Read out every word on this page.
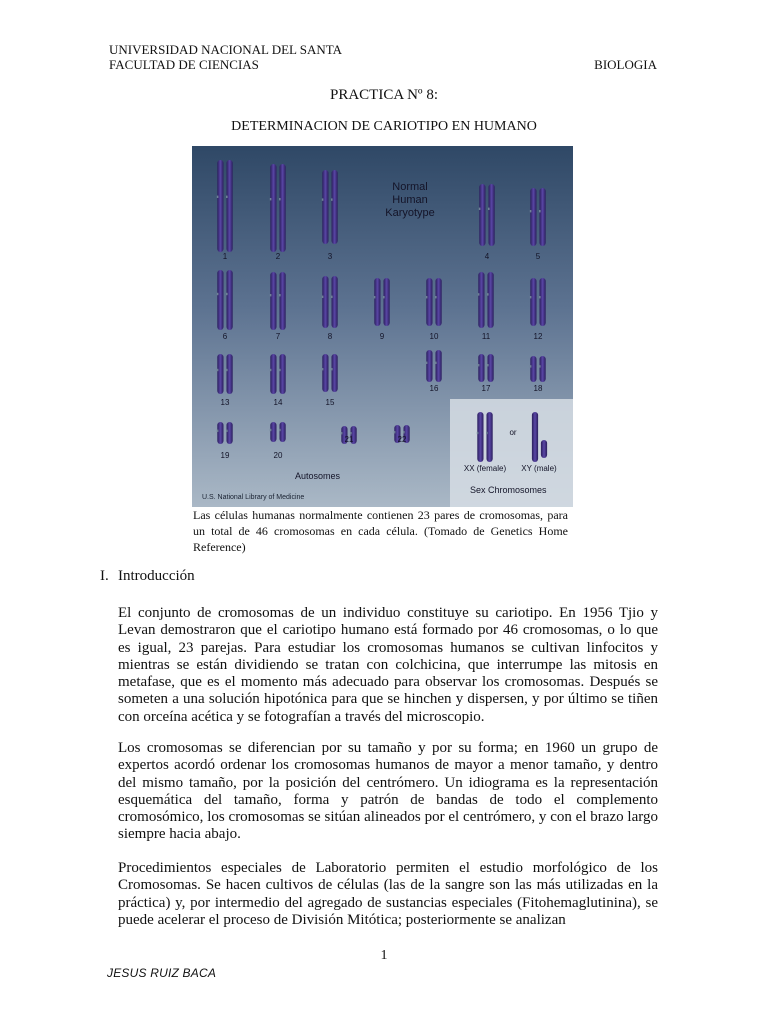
UNIVERSIDAD NACIONAL DEL SANTA
FACULTAD DE CIENCIAS	BIOLOGIA
PRACTICA Nº 8:
DETERMINACION DE CARIOTIPO EN HUMANO
Normal
Human
Karyotype
1	2	3	4	5
6	7	8	9	10	11	12
13	14	15
16	17	18
19	20
21	22
Autosomes
U.S. National Library of Medicine
or
XX (female) XY (male)
Sex Chromosomes
Las células humanas normalmente contienen 23 pares de cromosomas, para un total de 46 cromosomas en cada célula. (Tomado de Genetics Home Reference)
I. Introducción
El conjunto de cromosomas de un individuo constituye su cariotipo. En 1956 Tjio y Levan demostraron que el cariotipo humano está formado por 46 cromosomas, o lo que es igual, 23 parejas. Para estudiar los cromosomas humanos se cultivan linfocitos y mientras se están dividiendo se tratan con colchicina, que interrumpe las mitosis en metafase, que es el momento más adecuado para observar los cromosomas. Después se someten a una solución hipotónica para que se hinchen y dispersen, y por último se tiñen con orceína acética y se fotografían a través del microscopio.
Los cromosomas se diferencian por su tamaño y por su forma; en 1960 un grupo de expertos acordó ordenar los cromosomas humanos de mayor a menor tamaño, y dentro del mismo tamaño, por la posición del centrómero. Un idiograma es la representación esquemática del tamaño, forma y patrón de bandas de todo el complemento cromosómico, los cromosomas se sitúan alineados por el centrómero, y con el brazo largo siempre hacia abajo.
Procedimientos especiales de Laboratorio permiten el estudio morfológico de los Cromosomas. Se hacen cultivos de células (las de la sangre son las más utilizadas en la práctica) y, por intermedio del agregado de sustancias especiales (Fitohemaglutinina), se puede acelerar el proceso de División Mitótica; posteriormente se analizan
1
JESUS RUIZ BACA
